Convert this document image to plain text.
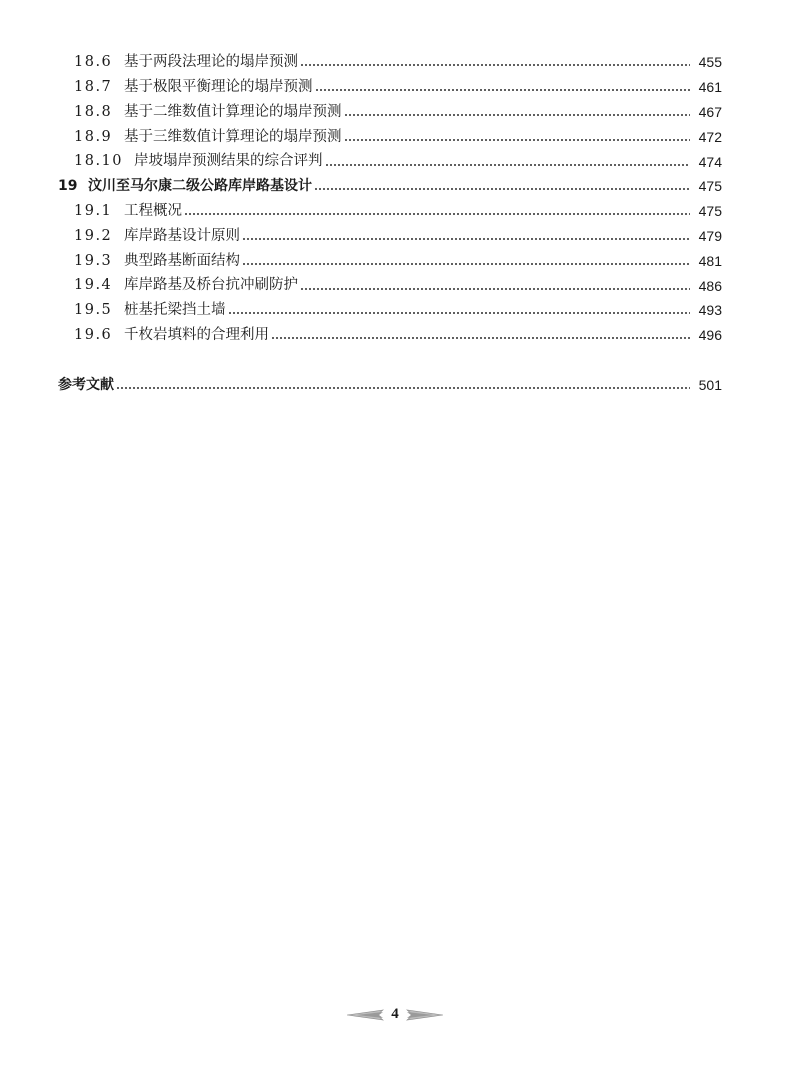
18.6 基于两段法理论的塌岸预测	455
18.7 基于极限平衡理论的塌岸预测	461
18.8 基于二维数值计算理论的塌岸预测	467
18.9 基于三维数值计算理论的塌岸预测	472
18.10 岸坡塌岸预测结果的综合评判	474
19 汶川至马尔康二级公路库岸路基设计	475
19.1 工程概况	475
19.2 库岸路基设计原则	479
19.3 典型路基断面结构	481
19.4 库岸路基及桥台抗冲刷防护	486
19.5 桩基托梁挡土墙	493
19.6 千枚岩填料的合理利用	496
参考文献	501
4
